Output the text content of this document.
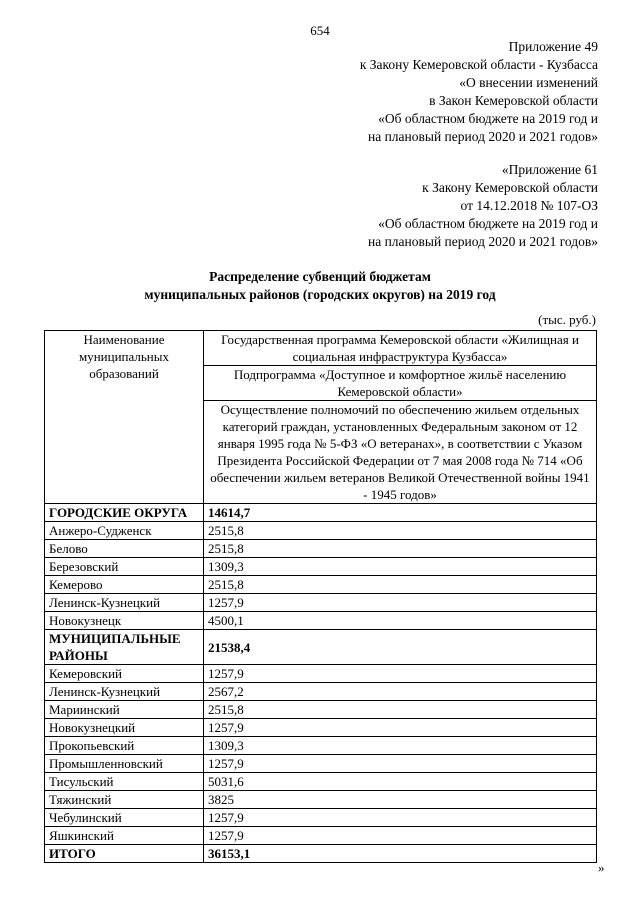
654
Приложение 49
к Закону Кемеровской области - Кузбасса
«О внесении изменений
в Закон Кемеровской области
«Об областном бюджете на 2019 год и
на плановый период 2020 и 2021 годов»
«Приложение 61
к Закону Кемеровской области
от 14.12.2018 № 107-ОЗ
«Об областном бюджете на 2019 год и
на плановый период 2020 и 2021 годов»
Распределение субвенций бюджетам
муниципальных районов (городских округов) на 2019 год
(тыс. руб.)
Наименование муниципальных образований	Государственная программа Кемеровской области «Жилищная и социальная инфраструктура Кузбасса»
	Подпрограмма «Доступное и комфортное жильё населению Кемеровской области»
	Осуществление полномочий по обеспечению жильем отдельных категорий граждан, установленных Федеральным законом от 12 января 1995 года № 5-ФЗ «О ветеранах», в соответствии с Указом Президента Российской Федерации от 7 мая 2008 года № 714 «Об обеспечении жильем ветеранов Великой Отечественной войны 1941 - 1945 годов»
ГОРОДСКИЕ ОКРУГА	14614,7
Анжеро-Судженск	2515,8
Белово	2515,8
Березовский	1309,3
Кемерово	2515,8
Ленинск-Кузнецкий	1257,9
Новокузнецк	4500,1
МУНИЦИПАЛЬНЫЕ РАЙОНЫ	21538,4
Кемеровский	1257,9
Ленинск-Кузнецкий	2567,2
Мариинский	2515,8
Новокузнецкий	1257,9
Прокопьевский	1309,3
Промышленновский	1257,9
Тисульский	5031,6
Тяжинский	3825
Чебулинский	1257,9
Яшкинский	1257,9
ИТОГО	36153,1
»
